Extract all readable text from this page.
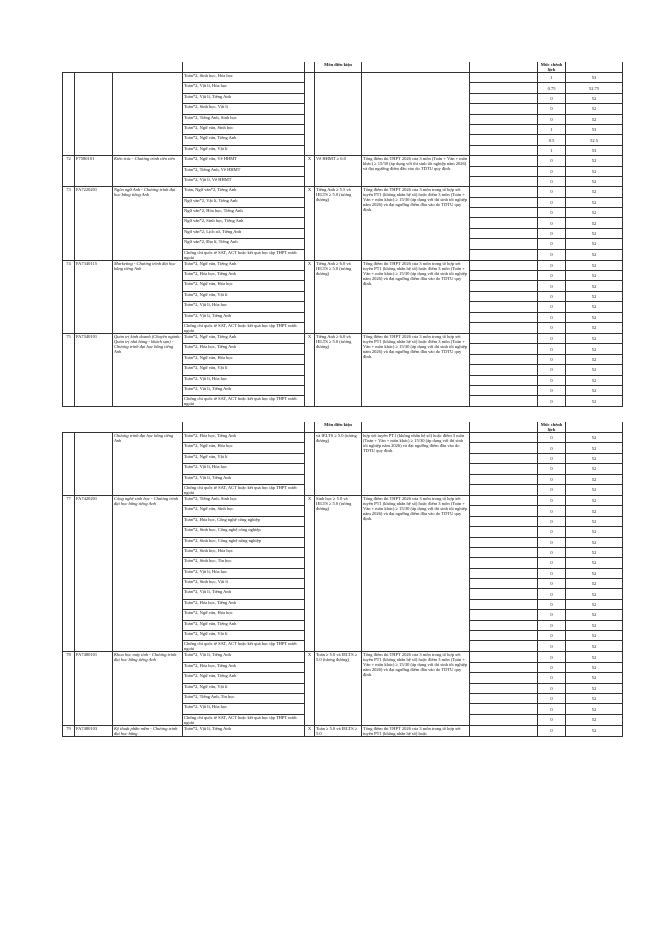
					Môn điều kiện			Mức chênh lệch	
			Toán*2, Sinh học, Hóa học					1	53
			Toán*2, Vật lí, Hóa học					0.75	52.75
			Toán*2, Vật lí, Tiếng Anh					0	52
			Toán*2, Sinh học, Vật lí					0	52
			Toán*2, Tiếng Anh, Sinh học					0	52
			Toán*2, Ngữ văn, Sinh học					1	53
			Toán*2, Ngữ văn, Tiếng Anh					0.5	52.5
			Toán*2, Ngữ văn, Vật lí					1	53
72	F7580101	Kiến trúc - Chương trình tiên tiến	Toán*2, Ngữ văn, Vẽ HHMT	X	Vẽ HHMT ≥ 6.0	Tổng điểm thi THPT 2026 của 3 môn (Toán + Văn + môn khác) ≥ 15/30 (áp dụng với thí sinh tốt nghiệp năm 2026) và đạt ngưỡng điểm đầu vào do TDTU quy định.		0	52
			Toán*2, Tiếng Anh, Vẽ HHMT					0	52
			Toán*2, Vật lí, Vẽ HHMT					0	52
73	FA7220201	Ngôn ngữ Anh - Chương trình đại học bằng tiếng Anh	Toán, Ngữ văn*2, Tiếng Anh	X	Tiếng Anh ≥ 5.5 và IELTS ≥ 5.0 (tương đương)	Tổng điểm thi THPT 2026 của 3 môn trong tổ hợp xét tuyển PT1 (không nhân hệ số) hoặc điểm 3 môn (Toán + Văn + môn khác) ≥ 15/30 (áp dụng với thí sinh tốt nghiệp năm 2026) và đạt ngưỡng điểm đầu vào do TDTU quy định.		0	52
			Ngữ văn*2, Vật lí, Tiếng Anh					0	52
			Ngữ văn*2, Hóa học, Tiếng Anh					0	52
			Ngữ văn*2, Sinh học, Tiếng Anh					0	52
			Ngữ văn*2, Lịch sử, Tiếng Anh					0	52
			Ngữ văn*2, Địa lí, Tiếng Anh					0	52
			Chứng chỉ quốc tế SAT, ACT hoặc kết quả học tập THPT nước ngoài					0	52
74	FA7340115	Marketing - Chương trình đại học bằng tiếng Anh	Toán*2, Ngữ văn, Tiếng Anh	X	Tiếng Anh ≥ 6.0 và IELTS ≥ 5.0 (tương đương)	Tổng điểm thi THPT 2026 của 3 môn trong tổ hợp xét tuyển PT1 (không nhân hệ số) hoặc điểm 3 môn (Toán + Văn + môn khác) ≥ 15/30 (áp dụng với thí sinh tốt nghiệp năm 2026) và đạt ngưỡng điểm đầu vào do TDTU quy định.		0	52
			Toán*2, Hóa học, Tiếng Anh					0	52
			Toán*2, Ngữ văn, Hóa học					0	52
			Toán*2, Ngữ văn, Vật lí					0	52
			Toán*2, Vật lí, Hóa học					0	52
			Toán*2, Vật lí, Tiếng Anh					0	52
			Chứng chỉ quốc tế SAT, ACT hoặc kết quả học tập THPT nước ngoài					0	52
75	FA7340101	Quản trị kinh doanh (Chuyên ngành: Quản trị nhà hàng - khách sạn) - Chương trình đại học bằng tiếng Anh	Toán*2, Ngữ văn, Tiếng Anh	X	Tiếng Anh ≥ 6.0 và IELTS ≥ 5.0 (tương đương)	Tổng điểm thi THPT 2026 của 3 môn trong tổ hợp xét tuyển PT1 (không nhân hệ số) hoặc điểm 3 môn (Toán + Văn + môn khác) ≥ 15/30 (áp dụng với thí sinh tốt nghiệp năm 2026) và đạt ngưỡng điểm đầu vào do TDTU quy định.		0	52
			Toán*2, Hóa học, Tiếng Anh					0	52
			Toán*2, Ngữ văn, Hóa học					0	52
			Toán*2, Ngữ văn, Vật lí					0	52
			Toán*2, Vật lí, Hóa học					0	52
			Toán*2, Vật lí, Tiếng Anh					0	52
			Chứng chỉ quốc tế SAT, ACT hoặc kết quả học tập THPT nước ngoài					0	52
					Môn điều kiện			Mức chênh lệch	
		Chương trình đại học bằng tiếng Anh	Toán*2, Hóa học, Tiếng Anh		và IELTS ≥ 5.0 (tương đương)	hợp xét tuyển PT1 (không nhân hệ số) hoặc điểm 3 môn (Toán + Văn + môn khác) ≥ 15/30 (áp dụng với thí sinh tốt nghiệp năm 2026) và đạt ngưỡng điểm đầu vào do TDTU quy định.		0	52
			Toán*2, Ngữ văn, Hóa học					0	52
			Toán*2, Ngữ văn, Vật lí					0	52
			Toán*2, Vật lí, Hóa học					0	52
			Toán*2, Vật lí, Tiếng Anh					0	52
			Chứng chỉ quốc tế SAT, ACT hoặc kết quả học tập THPT nước ngoài					0	52
77	FA7420201	Công nghệ sinh học - Chương trình đại học bằng tiếng Anh	Toán*2, Tiếng Anh, Sinh học	X	Sinh học ≥ 5.0 và IELTS ≥ 5.0 (tương đương)	Tổng điểm thi THPT 2026 của 3 môn trong tổ hợp xét tuyển PT1 (không nhân hệ số) hoặc điểm 3 môn (Toán + Văn + môn khác) ≥ 15/30 (áp dụng với thí sinh tốt nghiệp năm 2026) và đạt ngưỡng điểm đầu vào do TDTU quy định.		0	52
			Toán*2, Ngữ văn, Sinh học					0	52
			Toán*2, Hóa học, Công nghệ công nghiệp					0	52
			Toán*2, Sinh học, Công nghệ công nghiệp					0	52
			Toán*2, Sinh học, Công nghệ nông nghiệp					0	52
			Toán*2, Sinh học, Hóa học					0	52
			Toán*2, Sinh học, Tin học					0	52
			Toán*2, Vật lí, Hóa học					0	52
			Toán*2, Sinh học, Vật lí					0	52
			Toán*2, Vật lí, Tiếng Anh					0	52
			Toán*2, Hóa học, Tiếng Anh					0	52
			Toán*2, Ngữ văn, Hóa học					0	52
			Toán*2, Ngữ văn, Tiếng Anh					0	52
			Toán*2, Ngữ văn, Vật lí					0	52
			Chứng chỉ quốc tế SAT, ACT hoặc kết quả học tập THPT nước ngoài					0	52
78	FA7480101	Khoa học máy tính - Chương trình đại học bằng tiếng Anh	Toán*2, Vật lí, Tiếng Anh	X	Toán ≥ 5.0 và IELTS ≥ 5.0 (tương đương)	Tổng điểm thi THPT 2026 của 3 môn trong tổ hợp xét tuyển PT1 (không nhân hệ số) hoặc điểm 3 môn (Toán + Văn + môn khác) ≥ 15/30 (áp dụng với thí sinh tốt nghiệp năm 2026) và đạt ngưỡng điểm đầu vào do TDTU quy định.		0	52
			Toán*2, Hóa học, Tiếng Anh					0	52
			Toán*2, Ngữ văn, Tiếng Anh					0	52
			Toán*2, Ngữ văn, Vật lí					0	52
			Toán*2, Tiếng Anh, Tin học					0	52
			Toán*2, Vật lí, Hóa học					0	52
			Chứng chỉ quốc tế SAT, ACT hoặc kết quả học tập THPT nước ngoài					0	52
79	FA7480103	Kỹ thuật phần mềm - Chương trình đại học bằng	Toán*2, Vật lí, Tiếng Anh	X	Toán ≥ 5.0 và IELTS ≥ 5.0	Tổng điểm thi THPT 2026 của 3 môn trong tổ hợp xét tuyển PT1 (không nhân hệ số) hoặc		0	52
